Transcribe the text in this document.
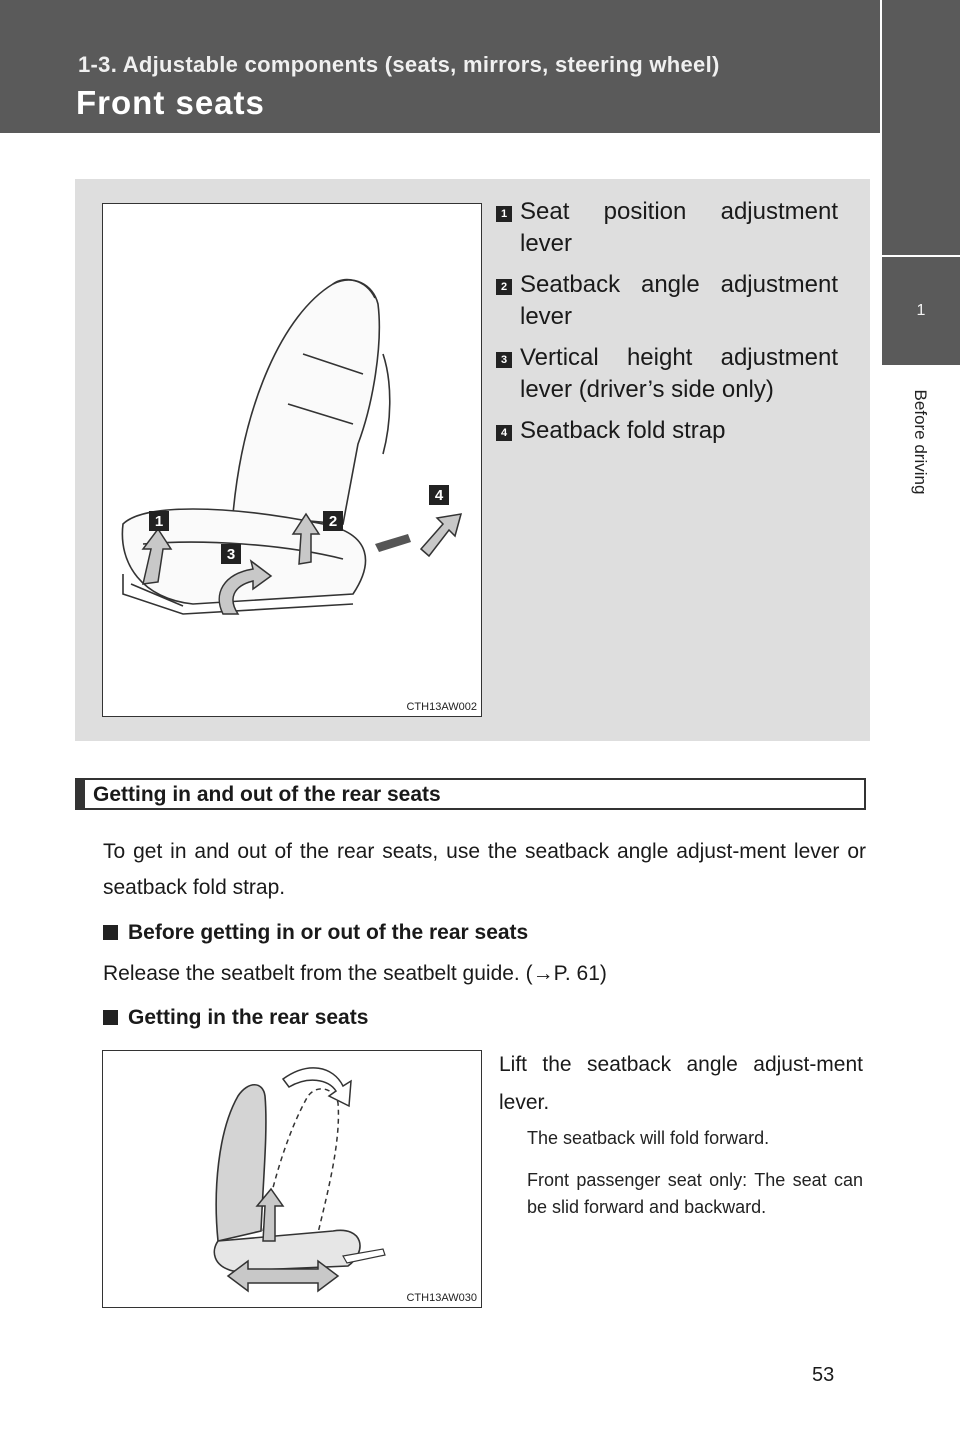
1-3. Adjustable components (seats, mirrors, steering wheel)
Front seats
1
Before driving
1	2
3
4
CTH13AW002
1 Seat position adjustment lever
2 Seatback angle adjustment lever
3 Vertical height adjustment lever (driver’s side only)
4 Seatback fold strap
Getting in and out of the rear seats
To get in and out of the rear seats, use the seatback angle adjust-ment lever or seatback fold strap.
Before getting in or out of the rear seats
Release the seatbelt from the seatbelt guide. (→P. 61)
Getting in the rear seats
CTH13AW030
Lift the seatback angle adjust-ment lever.
The seatback will fold forward.
Front passenger seat only: The seat can be slid forward and backward.
53
